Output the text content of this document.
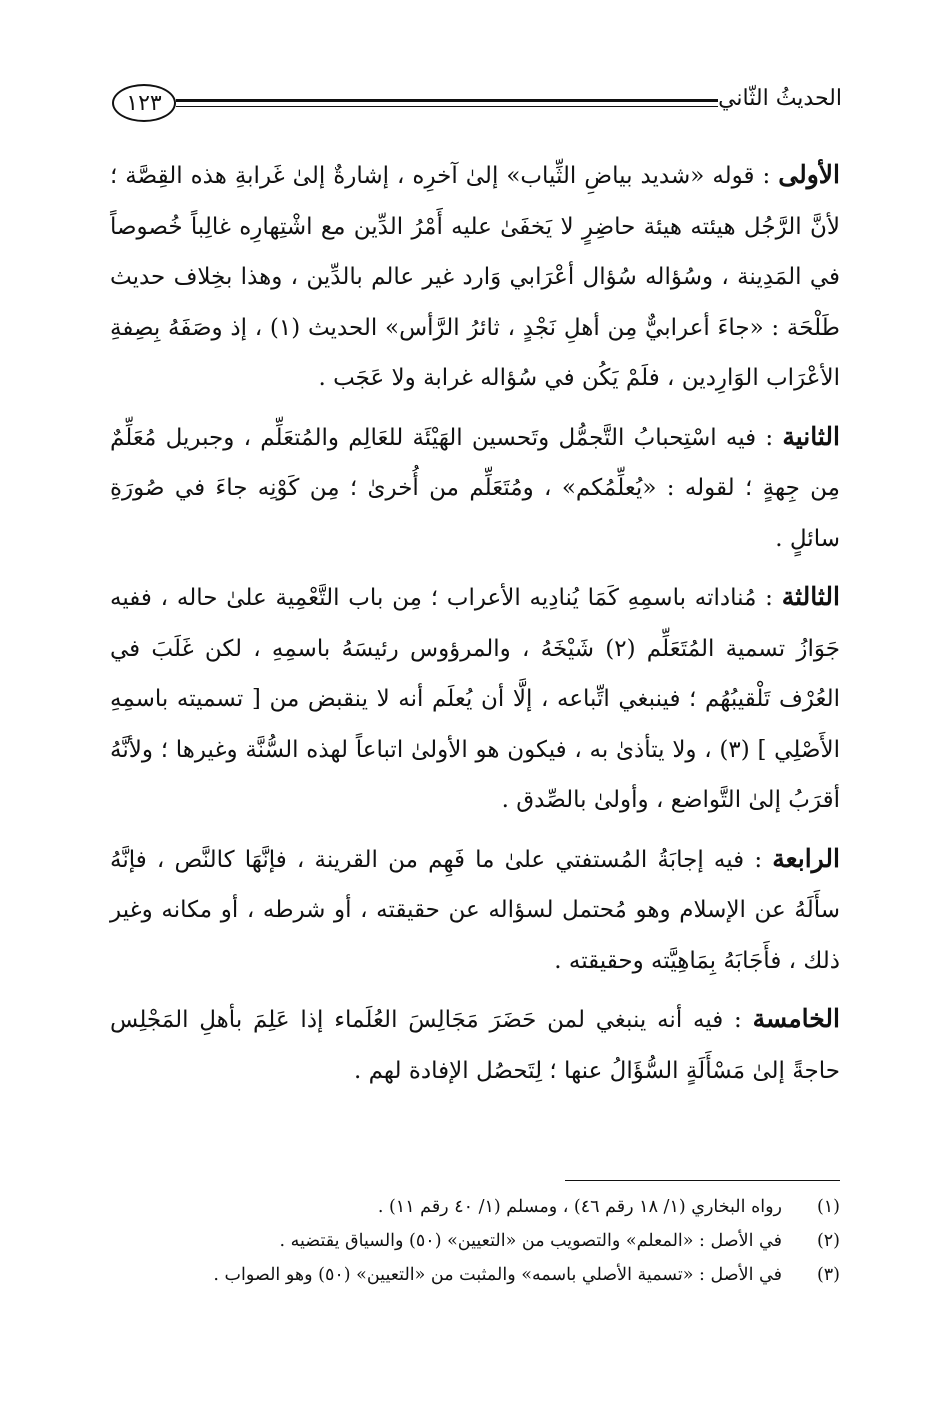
١٢٣	الحديثُ الثّاني

الأولى : قوله «شديد بياضِ الثِّياب» إلىٰ آخرِه ، إشارةٌ إلىٰ غَرابةِ هذه القِصَّة ؛ لأنَّ الرَّجُل هيئته هيئة حاضِرٍ لا يَخفَىٰ عليه أَمْرُ الدِّين مع اشْتِهارِه غالِباً خُصوصاً في المَدِينة ، وسُؤاله سُؤال أعْرَابي وَارد غير عالم بالدِّين ، وهذا بخِلاف حديث طَلْحَة : «جاءَ أعرابيٌّ مِن أهلِ نَجْدٍ ، ثائرُ الرَّأس» الحديث (١) ، إذ وصَفَهُ بِصِفةِ الأعْرَاب الوَارِدين ، فلَمْ يَكُن في سُؤاله غرابة ولا عَجَب .

الثانية : فيه اسْتِحبابُ التَّجمُّل وتَحسين الهَيْئَة للعَالِم والمُتعَلِّم ، وجبريل مُعَلِّمٌ مِن جِهةٍ ؛ لقوله : «يُعلِّمُكم» ، ومُتَعَلِّم من أُخرىٰ ؛ مِن كَوْنِه جاءَ في صُورَةِ سائلٍ .

الثالثة : مُناداته باسمِهِ كَمَا يُنادِيه الأعراب ؛ مِن باب التَّعْمِية علىٰ حاله ، ففيه جَوَازُ تسمية المُتَعَلِّم (٢) شَيْخَهُ ، والمرؤوس رئيسَهُ باسمِهِ ، لكن غَلَبَ في العُرْف تَلْقيبُهُم ؛ فينبغي اتِّباعه ، إلَّا أن يُعلَم أنه لا ينقبض من [ تسميته باسمِهِ الأَصْلِي ] (٣) ، ولا يتأذىٰ به ، فيكون هو الأولىٰ اتباعاً لهذه السُّنَّة وغيرها ؛ ولأنَّهُ أقرَبُ إلىٰ التَّواضع ، وأولىٰ بالصِّدق .

الرابعة : فيه إجابَةُ المُستفتي علىٰ ما فَهِم من القرينة ، فإنَّهَا كالنَّص ، فإنَّهُ سأَلَهُ عن الإسلام وهو مُحتمل لسؤاله عن حقيقته ، أو شرطه ، أو مكانه وغير ذلك ، فأَجَابَهُ بِمَاهِيَّته وحقيقته .

الخامسة : فيه أنه ينبغي لمن حَضَرَ مَجَالِسَ العُلَماء إذا عَلِمَ بأهلِ المَجْلِس حاجةً إلىٰ مَسْأَلَةٍ السُّؤَالُ عنها ؛ لِتَحصُل الإفادة لهم .

(١)
رواه البخاري (١/ ١٨ رقم ٤٦) ، ومسلم (١/ ٤٠ رقم ١١) .
(٢)
في الأصل : «المعلم» والتصويب من «التعيين» (٥٠) والسياق يقتضيه .
(٣)
في الأصل : «تسمية الأصلي باسمه» والمثبت من «التعيين» (٥٠) وهو الصواب .
